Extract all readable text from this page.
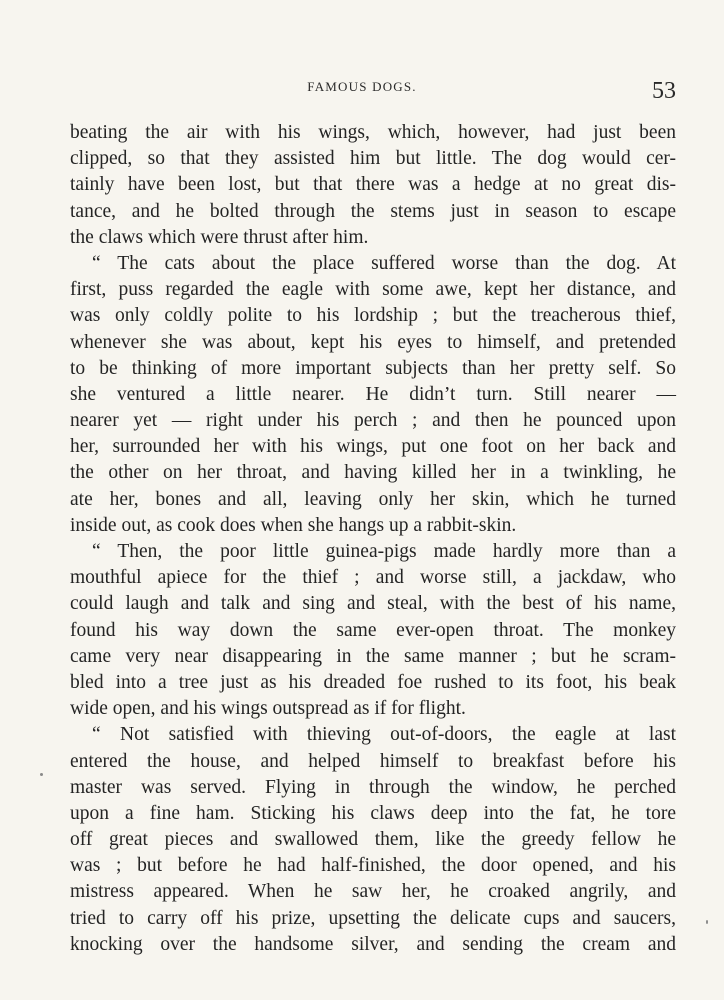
FAMOUS DOGS.	53
beating the air with his wings, which, however, had just been
clipped, so that they assisted him but little. The dog would cer-
tainly have been lost, but that there was a hedge at no great dis-
tance, and he bolted through the stems just in season to escape
the claws which were thrust after him.
“ The cats about the place suffered worse than the dog. At
first, puss regarded the eagle with some awe, kept her distance, and
was only coldly polite to his lordship ; but the treacherous thief,
whenever she was about, kept his eyes to himself, and pretended
to be thinking of more important subjects than her pretty self. So
she ventured a little nearer. He didn’t turn. Still nearer —
nearer yet — right under his perch ; and then he pounced upon
her, surrounded her with his wings, put one foot on her back and
the other on her throat, and having killed her in a twinkling, he
ate her, bones and all, leaving only her skin, which he turned
inside out, as cook does when she hangs up a rabbit-skin.
“ Then, the poor little guinea-pigs made hardly more than a
mouthful apiece for the thief ; and worse still, a jackdaw, who
could laugh and talk and sing and steal, with the best of his name,
found his way down the same ever-open throat. The monkey
came very near disappearing in the same manner ; but he scram-
bled into a tree just as his dreaded foe rushed to its foot, his beak
wide open, and his wings outspread as if for flight.
“ Not satisfied with thieving out-of-doors, the eagle at last
entered the house, and helped himself to breakfast before his
master was served. Flying in through the window, he perched
upon a fine ham. Sticking his claws deep into the fat, he tore
off great pieces and swallowed them, like the greedy fellow he
was ; but before he had half-finished, the door opened, and his
mistress appeared. When he saw her, he croaked angrily, and
tried to carry off his prize, upsetting the delicate cups and saucers,
knocking over the handsome silver, and sending the cream and
